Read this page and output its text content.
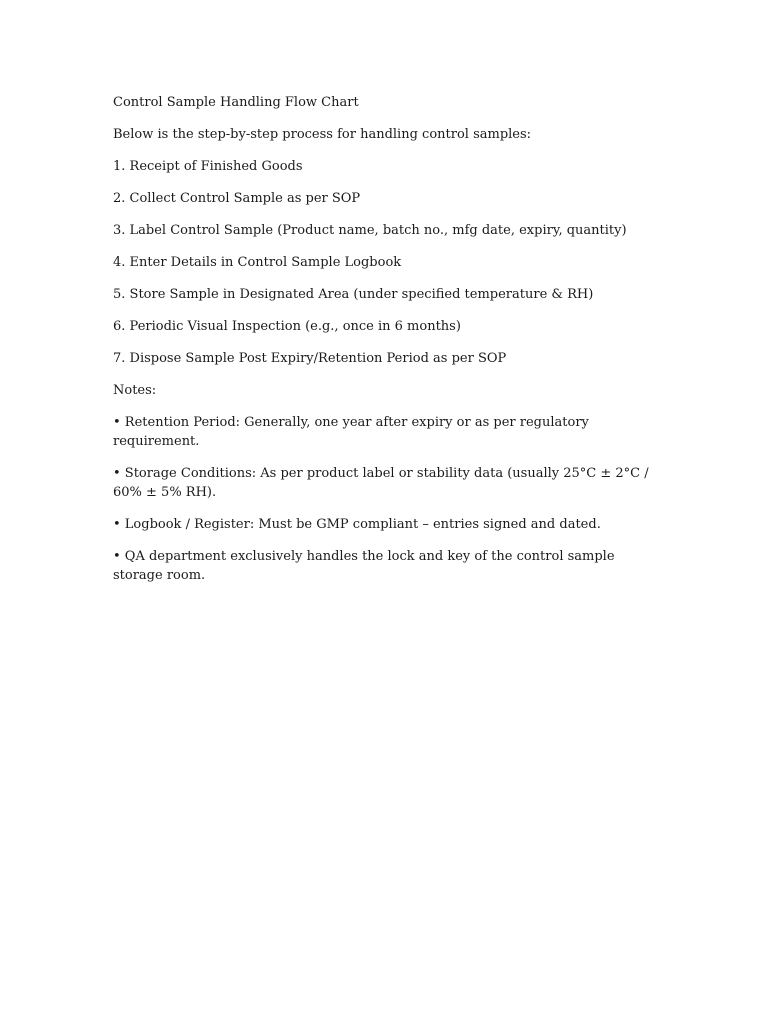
Control Sample Handling Flow Chart

Below is the step-by-step process for handling control samples:

1. Receipt of Finished Goods

2. Collect Control Sample as per SOP

3. Label Control Sample (Product name, batch no., mfg date, expiry, quantity)

4. Enter Details in Control Sample Logbook

5. Store Sample in Designated Area (under specified temperature & RH)

6. Periodic Visual Inspection (e.g., once in 6 months)

7. Dispose Sample Post Expiry/Retention Period as per SOP

Notes:

• Retention Period: Generally, one year after expiry or as per regulatory requirement.

• Storage Conditions: As per product label or stability data (usually 25°C ± 2°C / 60% ± 5% RH).

• Logbook / Register: Must be GMP compliant – entries signed and dated.

• QA department exclusively handles the lock and key of the control sample storage room.
